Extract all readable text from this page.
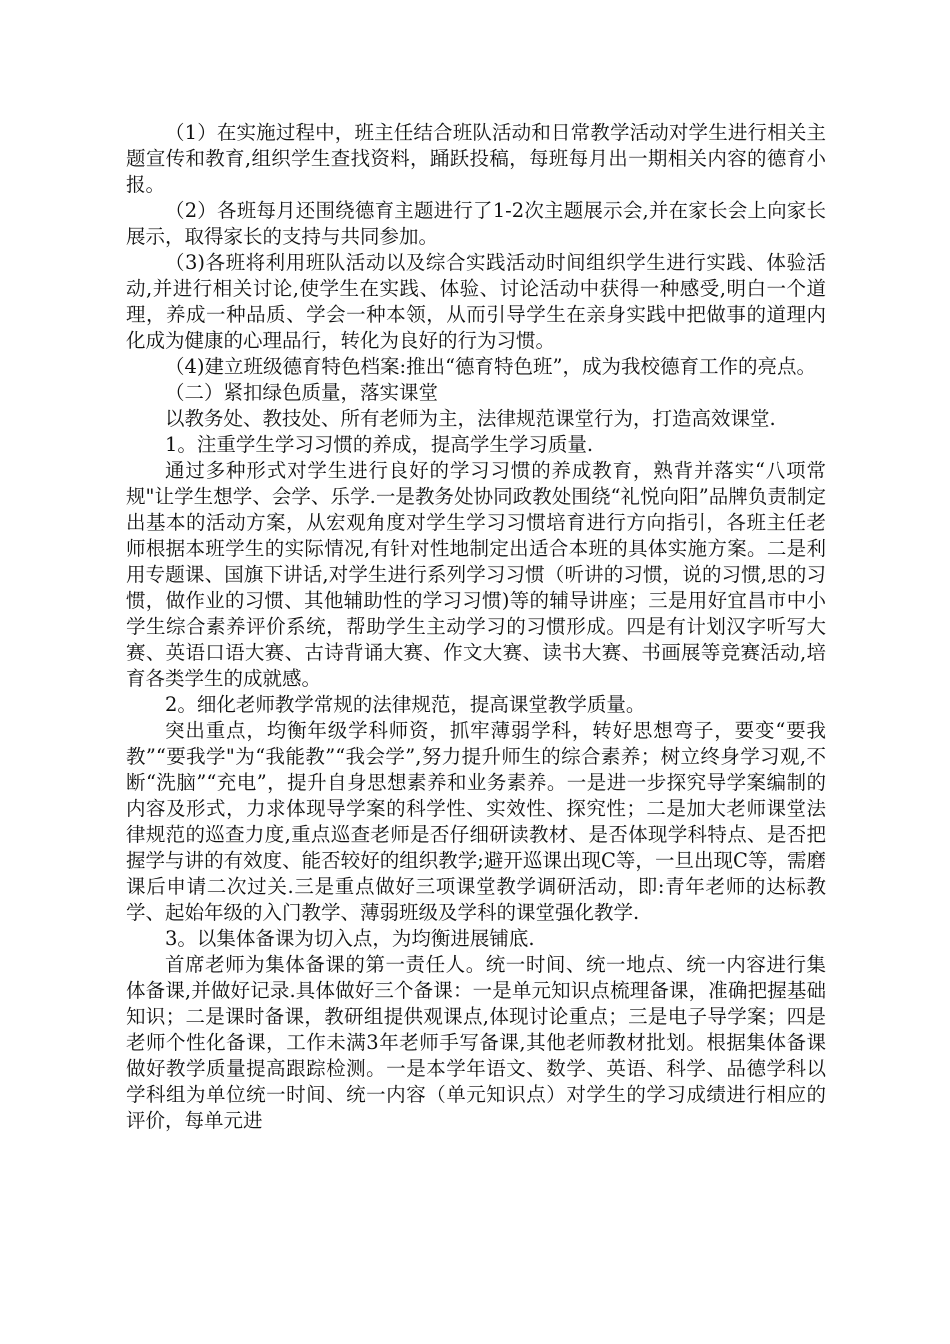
（1）在实施过程中，班主任结合班队活动和日常教学活动对学生进行相关主题宣传和教育,组织学生查找资料，踊跃投稿，每班每月出一期相关内容的德育小报。

（2）各班每月还围绕德育主题进行了1-2次主题展示会,并在家长会上向家长展示，取得家长的支持与共同参加。

（3)各班将利用班队活动以及综合实践活动时间组织学生进行实践、体验活动,并进行相关讨论,使学生在实践、体验、讨论活动中获得一种感受,明白一个道理，养成一种品质、学会一种本领，从而引导学生在亲身实践中把做事的道理内化成为健康的心理品行，转化为良好的行为习惯。

（4)建立班级德育特色档案:推出“德育特色班”，成为我校德育工作的亮点。

（二）紧扣绿色质量，落实课堂

以教务处、教技处、所有老师为主，法律规范课堂行为，打造高效课堂.

1。注重学生学习习惯的养成，提高学生学习质量.

通过多种形式对学生进行良好的学习习惯的养成教育，熟背并落实“八项常规"让学生想学、会学、乐学.一是教务处协同政教处围绕“礼悦向阳”品牌负责制定出基本的活动方案，从宏观角度对学生学习习惯培育进行方向指引，各班主任老师根据本班学生的实际情况,有针对性地制定出适合本班的具体实施方案。二是利用专题课、国旗下讲话,对学生进行系列学习习惯（听讲的习惯，说的习惯,思的习惯，做作业的习惯、其他辅助性的学习习惯)等的辅导讲座；三是用好宜昌市中小学生综合素养评价系统，帮助学生主动学习的习惯形成。四是有计划汉字听写大赛、英语口语大赛、古诗背诵大赛、作文大赛、读书大赛、书画展等竞赛活动,培育各类学生的成就感。

2。细化老师教学常规的法律规范，提高课堂教学质量。

突出重点，均衡年级学科师资，抓牢薄弱学科，转好思想弯子，要变“要我教”“要我学"为“我能教”“我会学”,努力提升师生的综合素养；树立终身学习观,不断“洗脑”“充电”，提升自身思想素养和业务素养。一是进一步探究导学案编制的内容及形式，力求体现导学案的科学性、实效性、探究性；二是加大老师课堂法律规范的巡查力度,重点巡查老师是否仔细研读教材、是否体现学科特点、是否把握学与讲的有效度、能否较好的组织教学;避开巡课出现C等，一旦出现C等，需磨课后申请二次过关.三是重点做好三项课堂教学调研活动，即:青年老师的达标教学、起始年级的入门教学、薄弱班级及学科的课堂强化教学.

3。以集体备课为切入点，为均衡进展铺底.

首席老师为集体备课的第一责任人。统一时间、统一地点、统一内容进行集体备课,并做好记录.具体做好三个备课：一是单元知识点梳理备课，准确把握基础知识；二是课时备课，教研组提供观课点,体现讨论重点；三是电子导学案；四是老师个性化备课，工作未满3年老师手写备课,其他老师教材批划。根据集体备课做好教学质量提高跟踪检测。一是本学年语文、数学、英语、科学、品德学科以学科组为单位统一时间、统一内容（单元知识点）对学生的学习成绩进行相应的评价，每单元进
